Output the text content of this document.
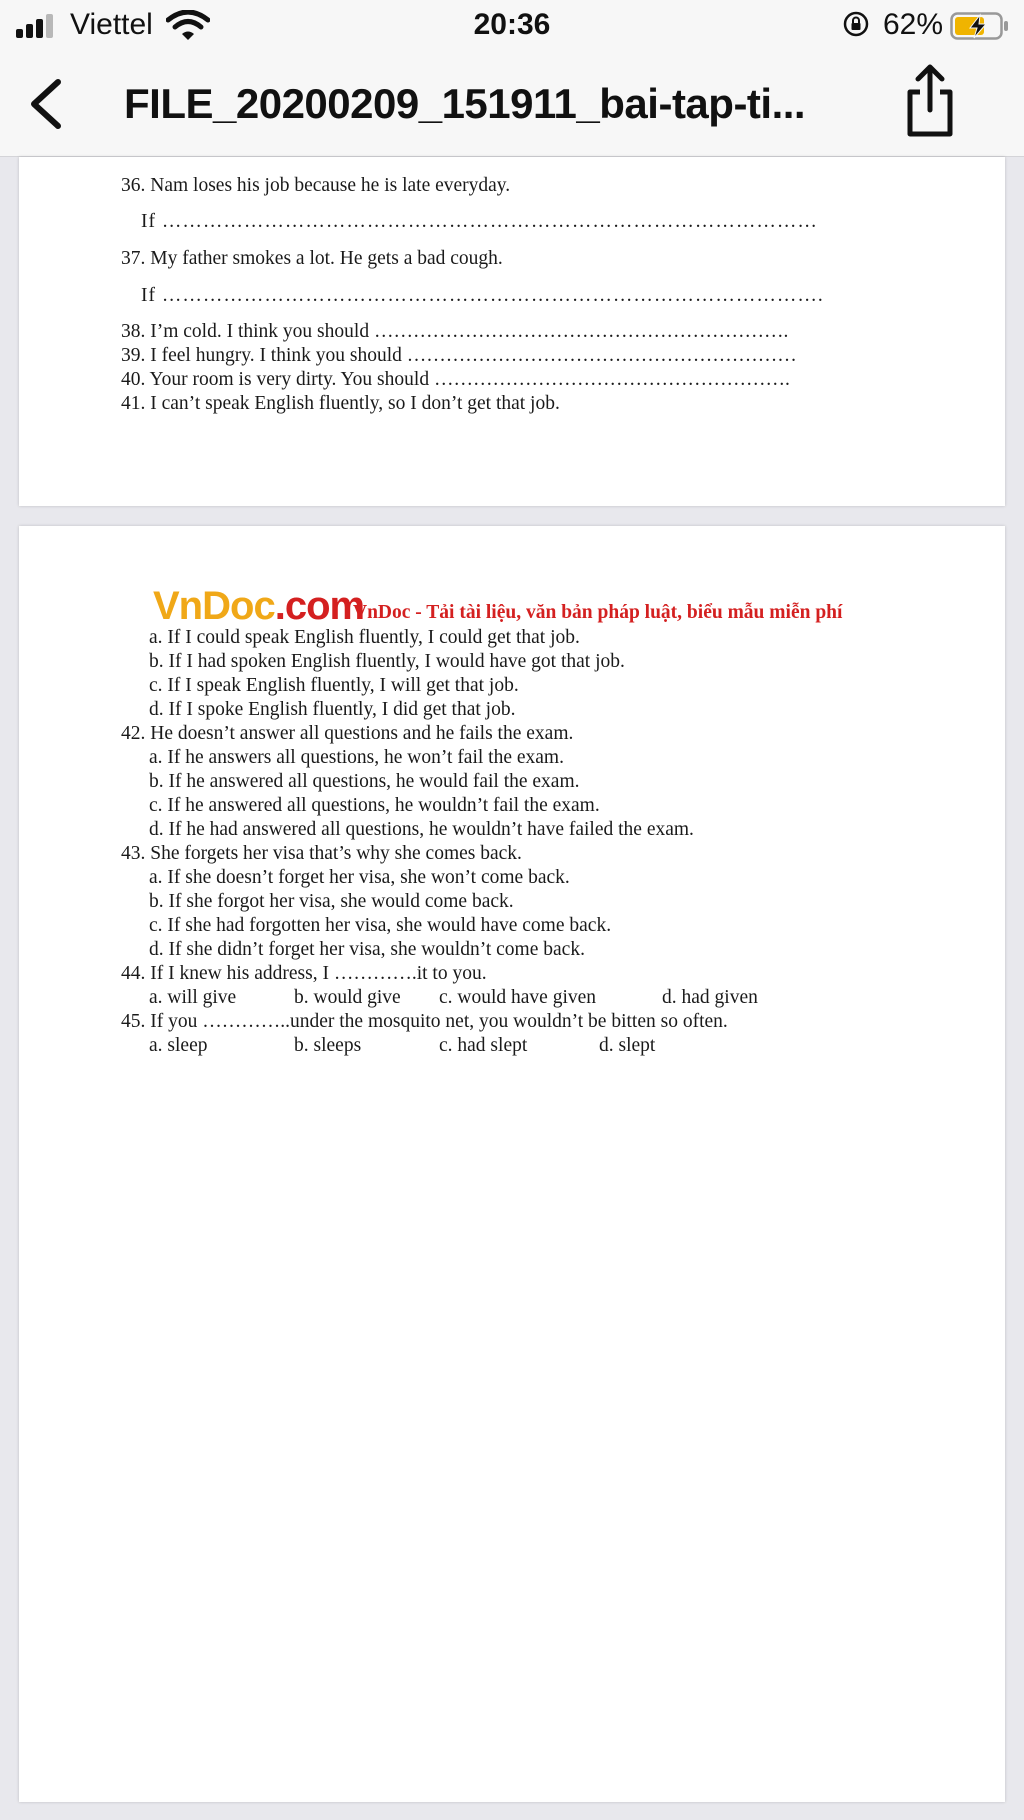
Viettel	20:36	62%
FILE_20200209_151911_bai-tap-ti...
36. Nam loses his job because he is late everyday.
If ……………………………………………………………………………………
37. My father smokes a lot. He gets a bad cough.
If …………………………………………………………………………………….
38. I’m cold. I think you should ……………………………………………………….
39. I feel hungry. I think you should ……………………………………………………
40. Your room is very dirty. You should ……………………………………………….
41. I can’t speak English fluently, so I don’t get that job.
VnDoc.com
VnDoc - Tải tài liệu, văn bản pháp luật, biểu mẫu miễn phí
a. If I could speak English fluently, I could get that job.
b. If I had spoken English fluently, I would have got that job.
c. If I speak English fluently, I will get that job.
d. If I spoke English fluently, I did get that job.
42. He doesn’t answer all questions and he fails the exam.
a. If he answers all questions, he won’t fail the exam.
b. If he answered all questions, he would fail the exam.
c. If he answered all questions, he wouldn’t fail the exam.
d. If he had answered all questions, he wouldn’t have failed the exam.
43. She forgets her visa that’s why she comes back.
a. If she doesn’t forget her visa, she won’t come back.
b. If she forgot her visa, she would come back.
c. If she had forgotten her visa, she would have come back.
d. If she didn’t forget her visa, she wouldn’t come back.
44. If I knew his address, I ………….it to you.
a. will give	b. would give c. would have given	d. had given
45. If you …………..under the mosquito net, you wouldn’t be bitten so often.
a. sleep	b. sleeps	c. had slept	d. slept
